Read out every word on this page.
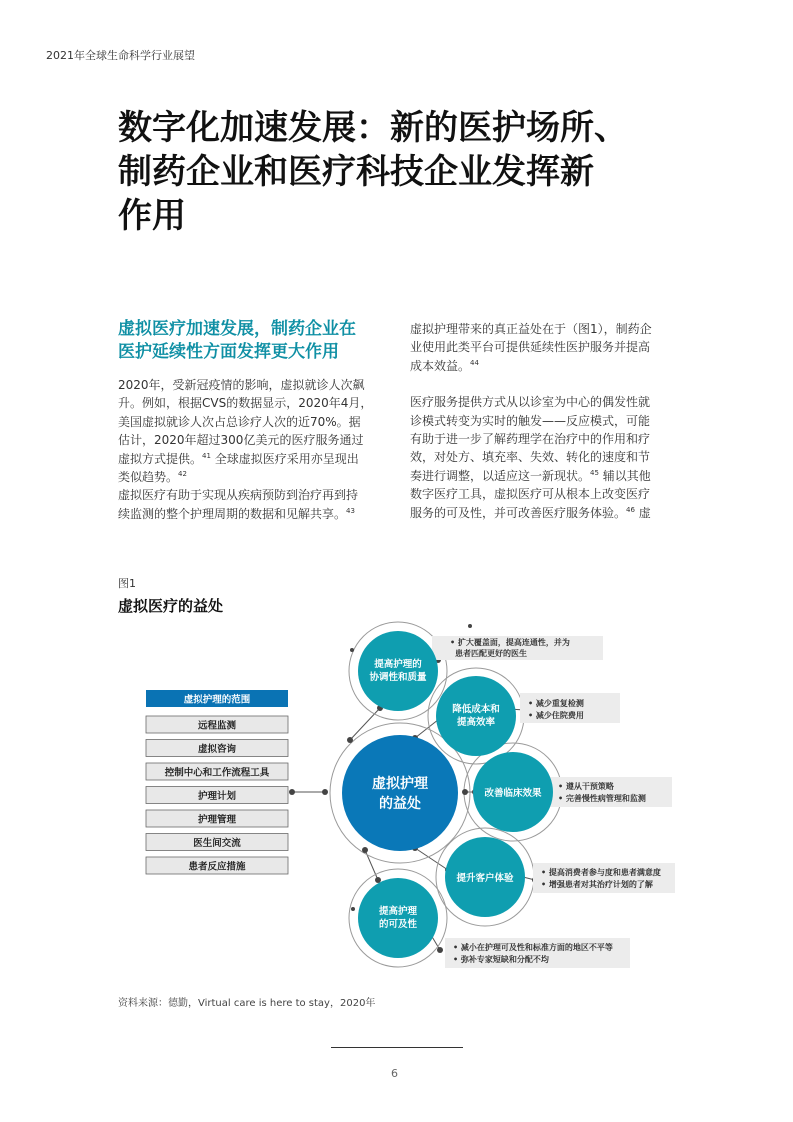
2021年全球生命科学行业展望
数字化加速发展：新的医护场所、
制药企业和医疗科技企业发挥新
作用
虚拟医疗加速发展，制药企业在
医护延续性方面发挥更大作用

2020年，受新冠疫情的影响，虚拟就诊人次飙

升。例如，根据CVS的数据显示，2020年4月，

美国虚拟就诊人次占总诊疗人次的近70%。据

估计，2020年超过300亿美元的医疗服务通过

虚拟方式提供。$^{41}$ 全球虚拟医疗采用亦呈现出

类似趋势。$^{42}$

虚拟医疗有助于实现从疾病预防到治疗再到持

续监测的整个护理周期的数据和见解共享。$^{43}$

虚拟护理带来的真正益处在于（图1），制药企

业使用此类平台可提供延续性医护服务并提高

成本效益。$^{44}$

医疗服务提供方式从以诊室为中心的偶发性就

诊模式转变为实时的触发——反应模式，可能

有助于进一步了解药理学在治疗中的作用和疗

效，对处方、填充率、失效、转化的速度和节

奏进行调整，以适应这一新现状。$^{45}$ 辅以其他

数字医疗工具，虚拟医疗可从根本上改变医疗

服务的可及性，并可改善医疗服务体验。$^{46}$ 虚

图1
虚拟医疗的益处
虚拟护理的范围
远程监测
虚拟咨询
控制中心和工作流程工具
护理计划
护理管理
医生间交流
患者反应措施
虚拟护理
的益处
• 扩大覆盖面，提高连通性，并为
患者匹配更好的医生
提高护理的
协调性和质量
• 减少重复检测
• 减少住院费用
降低成本和
提高效率
• 遵从干预策略
• 完善慢性病管理和监测
改善临床效果
• 提高消费者参与度和患者满意度
• 增强患者对其治疗计划的了解
提升客户体验
• 减小在护理可及性和标准方面的地区不平等
• 弥补专家短缺和分配不均
提高护理
的可及性
资料来源：德勤，Virtual care is here to stay，2020年
6
